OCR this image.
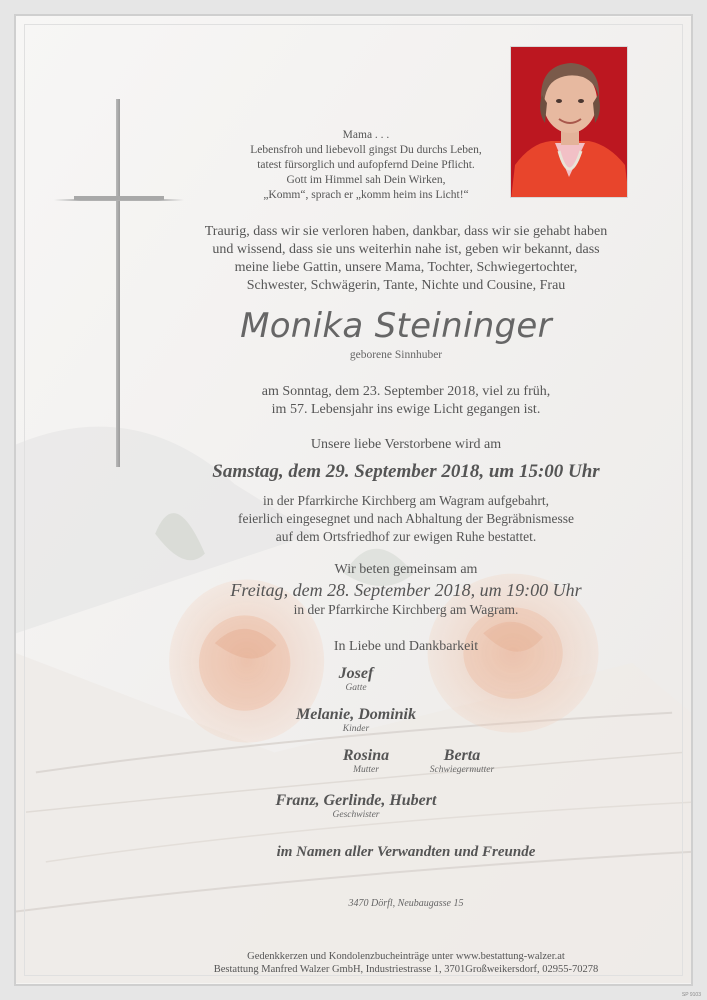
Mama . . .
Lebensfroh und liebevoll gingst Du durchs Leben,
tatest fürsorglich und aufopfernd Deine Pflicht.
Gott im Himmel sah Dein Wirken,
„Komm“, sprach er „komm heim ins Licht!“
Traurig, dass wir sie verloren haben, dankbar, dass wir sie gehabt haben
und wissend, dass sie uns weiterhin nahe ist, geben wir bekannt, dass
meine liebe Gattin, unsere Mama, Tochter, Schwiegertochter,
Schwester, Schwägerin, Tante, Nichte und Cousine, Frau
Monika Steininger
geborene Sinnhuber
am Sonntag, dem 23. September 2018, viel zu früh,
im 57. Lebensjahr ins ewige Licht gegangen ist.
Unsere liebe Verstorbene wird am
Samstag, dem 29. September 2018, um 15:00 Uhr
in der Pfarrkirche Kirchberg am Wagram aufgebahrt,
feierlich eingesegnet und nach Abhaltung der Begräbnismesse
auf dem Ortsfriedhof zur ewigen Ruhe bestattet.
Wir beten gemeinsam am
Freitag, dem 28. September 2018, um 19:00 Uhr
in der Pfarrkirche Kirchberg am Wagram.
In Liebe und Dankbarkeit
Josef
Gatte
Melanie, Dominik
Kinder
Rosina
Mutter
Berta
Schwiegermutter
Franz, Gerlinde, Hubert
Geschwister
im Namen aller Verwandten und Freunde
3470 Dörfl, Neubaugasse 15
Gedenkkerzen und Kondolenzbucheinträge unter www.bestattung-walzer.at
Bestattung Manfred Walzer GmbH, Industriestrasse 1, 3701Großweikersdorf, 02955-70278
SP 9103
